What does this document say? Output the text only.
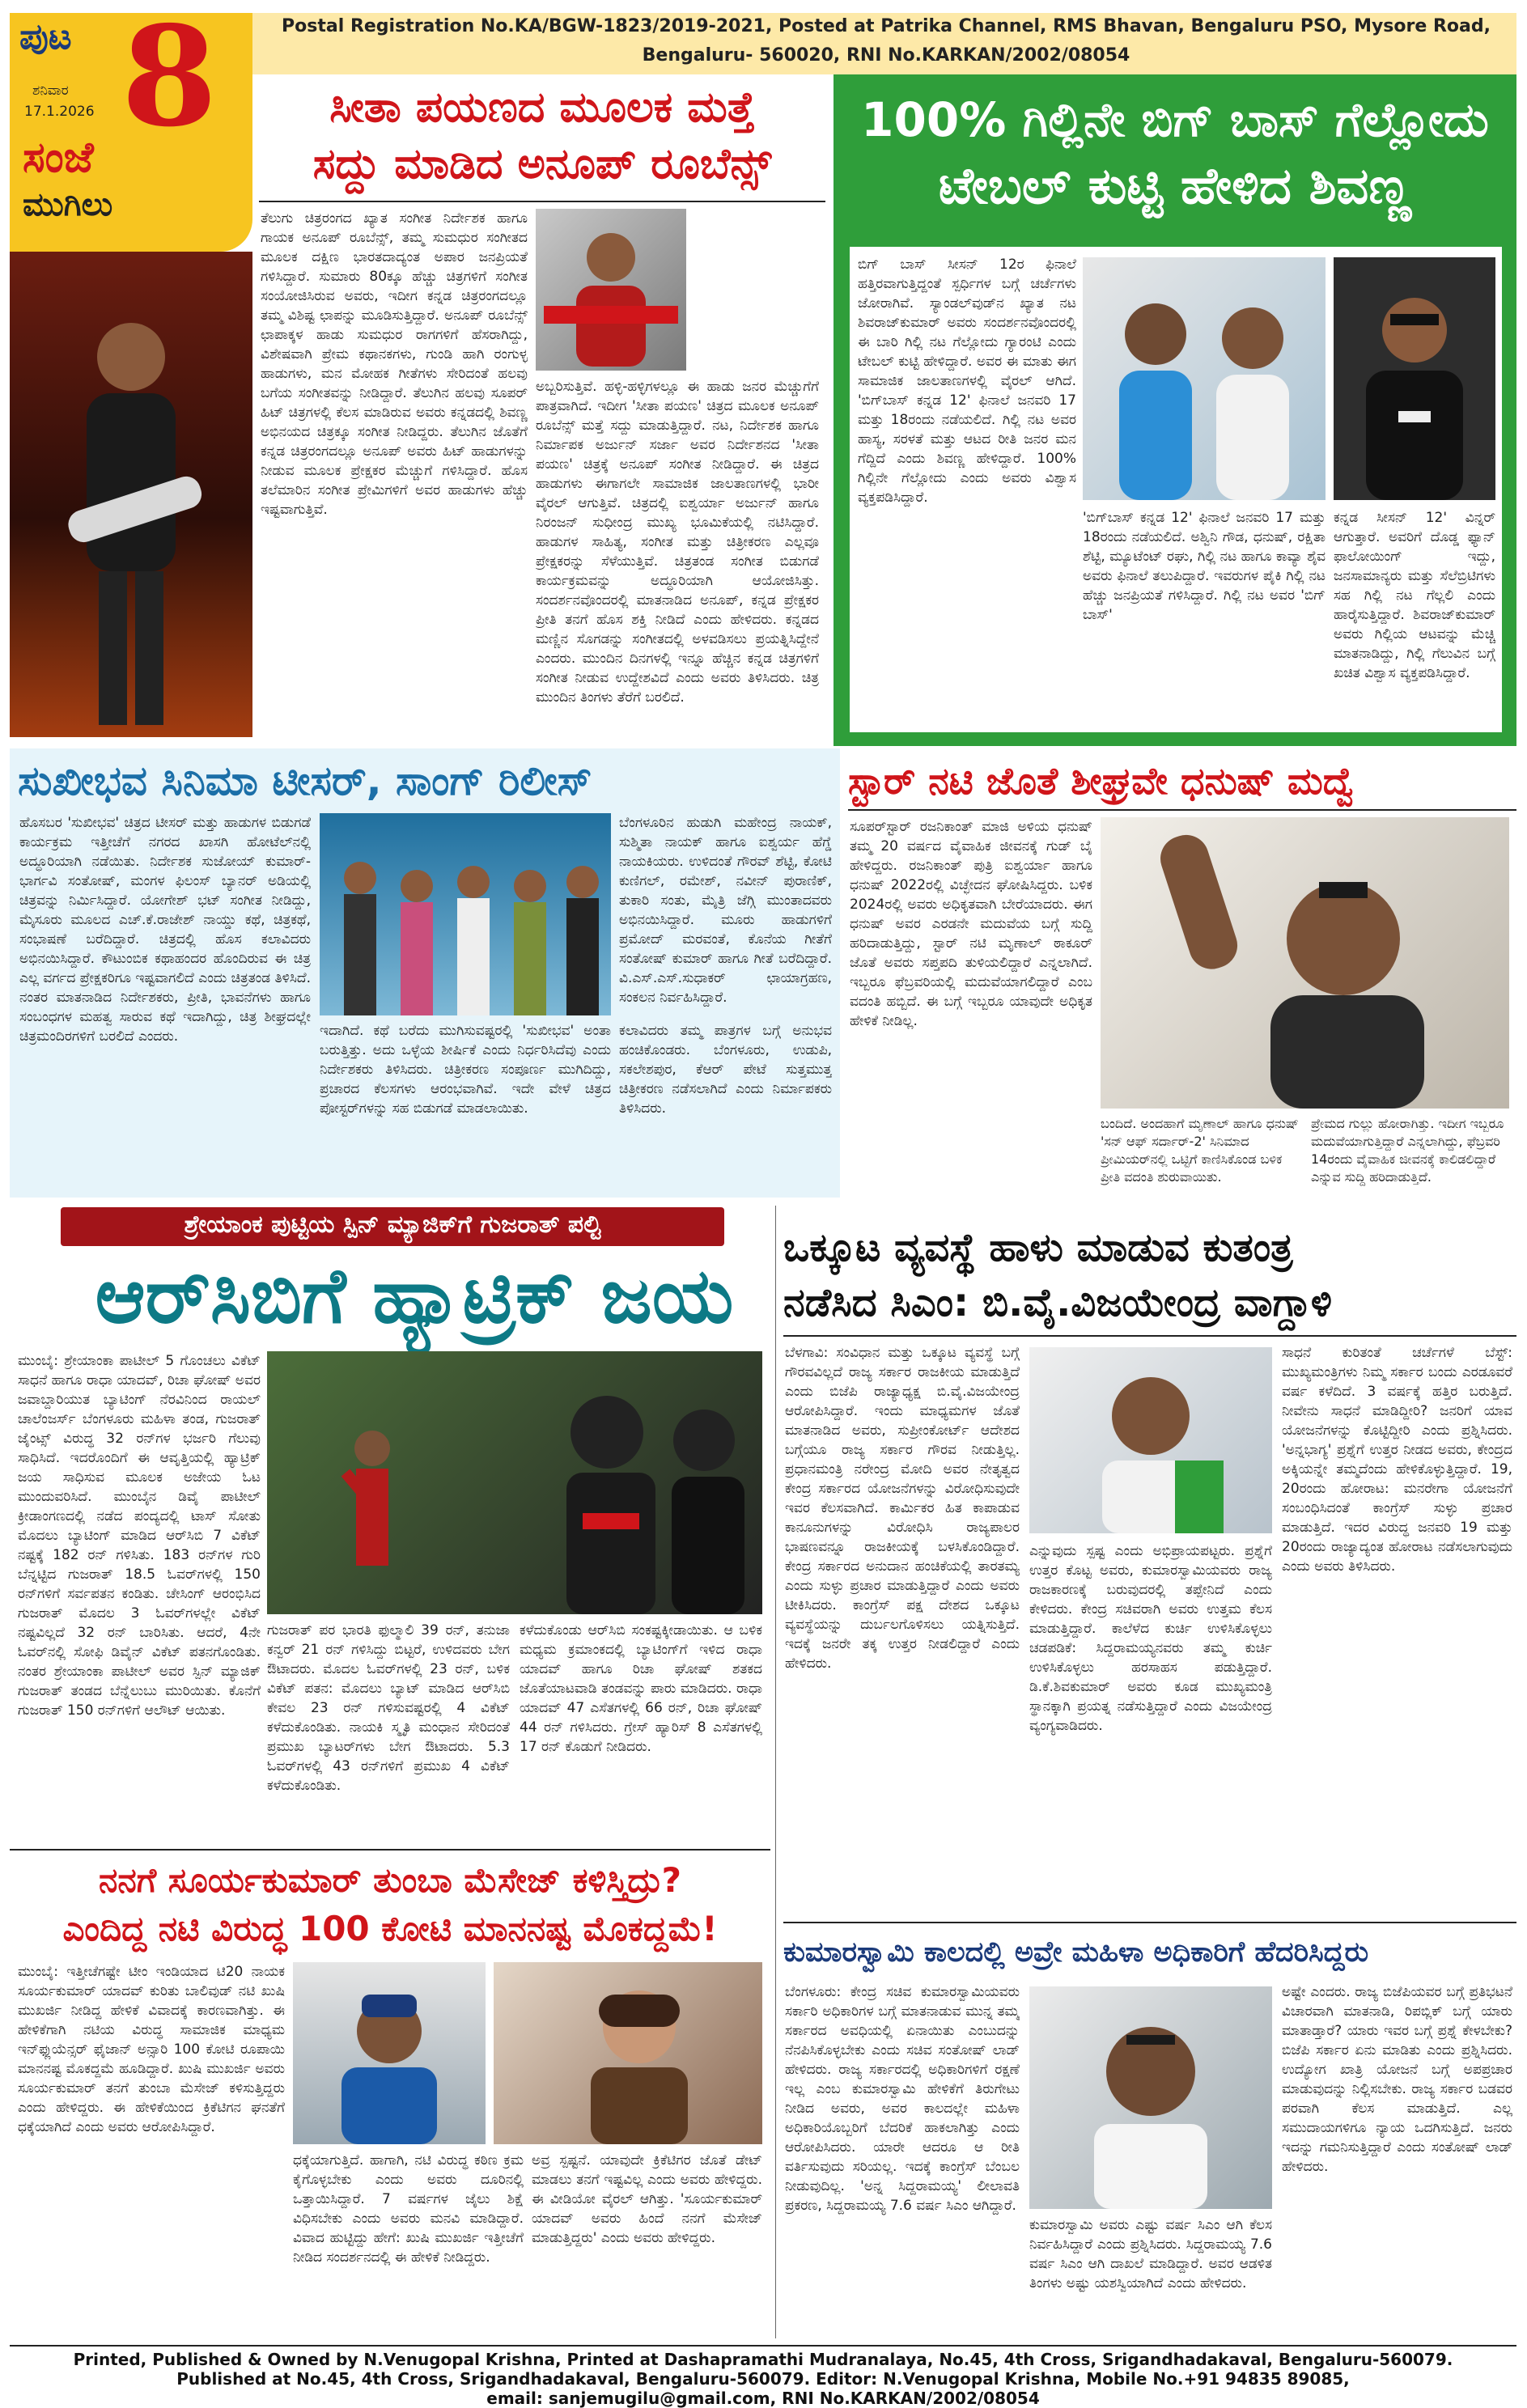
ಪುಟ 8
ಶನಿವಾರ
17.1.2026
ಸಂಜೆ
ಮುಗಿಲು
Postal Registration No.KA/BGW-1823/2019-2021, Posted at Patrika Channel, RMS Bhavan, Bengaluru PSO, Mysore Road,
Bengaluru- 560020, RNI No.KARKAN/2002/08054
ಸೀತಾ ಪಯಣದ ಮೂಲಕ ಮತ್ತೆ
ಸದ್ದು ಮಾಡಿದ ಅನೂಪ್ ರೂಬೆನ್ಸ್
ತೆಲುಗು ಚಿತ್ರರಂಗದ ಖ್ಯಾತ ಸಂಗೀತ ನಿರ್ದೇಶಕ ಹಾಗೂ ಗಾಯಕ ಅನೂಪ್ ರೂಬೆನ್ಸ್, ತಮ್ಮ ಸುಮಧುರ ಸಂಗೀತದ ಮೂಲಕ ದಕ್ಷಿಣ ಭಾರತದಾದ್ಯಂತ ಅಪಾರ ಜನಪ್ರಿಯತೆ ಗಳಿಸಿದ್ದಾರೆ. ಸುಮಾರು 80ಕ್ಕೂ ಹೆಚ್ಚು ಚಿತ್ರಗಳಿಗೆ ಸಂಗೀತ ಸಂಯೋಜಿಸಿರುವ ಅವರು, ಇದೀಗ ಕನ್ನಡ ಚಿತ್ರರಂಗದಲ್ಲೂ ತಮ್ಮ ವಿಶಿಷ್ಟ ಛಾಪನ್ನು ಮೂಡಿಸುತ್ತಿದ್ದಾರೆ. ಅನೂಪ್ ರೂಬೆನ್ಸ್ ಛಾಪಾಕ್ಕಳ ಹಾಡು ಸುಮಧುರ ರಾಗಗಳಿಗೆ ಹೆಸರಾಗಿದ್ದು, ವಿಶೇಷವಾಗಿ ಪ್ರೇಮ ಕಥಾನಕಗಳು, ಗುಂಡಿ ಹಾಗಿ ರಂಗುಳ್ಳ ಹಾಡುಗಳು, ಮನ ಮೋಹಕ ಗೀತೆಗಳು ಸೇರಿದಂತೆ ಹಲವು ಬಗೆಯ ಸಂಗೀತವನ್ನು ನೀಡಿದ್ದಾರೆ. ತೆಲುಗಿನ ಹಲವು ಸೂಪರ್ ಹಿಟ್ ಚಿತ್ರಗಳಲ್ಲಿ ಕೆಲಸ ಮಾಡಿರುವ ಅವರು ಕನ್ನಡದಲ್ಲಿ ಶಿವಣ್ಣ ಅಭಿನಯದ ಚಿತ್ರಕ್ಕೂ ಸಂಗೀತ ನೀಡಿದ್ದರು. ತೆಲುಗಿನ ಜೊತೆಗೆ ಕನ್ನಡ ಚಿತ್ರರಂಗದಲ್ಲೂ ಅನೂಪ್ ಅವರು ಹಿಟ್ ಹಾಡುಗಳನ್ನು ನೀಡುವ ಮೂಲಕ ಪ್ರೇಕ್ಷಕರ ಮೆಚ್ಚುಗೆ ಗಳಿಸಿದ್ದಾರೆ. ಹೊಸ ತಲೆಮಾರಿನ ಸಂಗೀತ ಪ್ರೇಮಿಗಳಿಗೆ ಅವರ ಹಾಡುಗಳು ಹೆಚ್ಚು ಇಷ್ಟವಾಗುತ್ತಿವೆ.
ಅಬ್ಬರಿಸುತ್ತಿವೆ. ಹಳ್ಳಿ-ಹಳ್ಳಿಗಳಲ್ಲೂ ಈ ಹಾಡು ಜನರ ಮೆಚ್ಚುಗೆಗೆ ಪಾತ್ರವಾಗಿದೆ. ಇದೀಗ 'ಸೀತಾ ಪಯಣ' ಚಿತ್ರದ ಮೂಲಕ ಅನೂಪ್ ರೂಬೆನ್ಸ್ ಮತ್ತೆ ಸದ್ದು ಮಾಡುತ್ತಿದ್ದಾರೆ. ನಟ, ನಿರ್ದೇಶಕ ಹಾಗೂ ನಿರ್ಮಾಪಕ ಅರ್ಜುನ್ ಸರ್ಜಾ ಅವರ ನಿರ್ದೇಶನದ 'ಸೀತಾ ಪಯಣ' ಚಿತ್ರಕ್ಕೆ ಅನೂಪ್ ಸಂಗೀತ ನೀಡಿದ್ದಾರೆ. ಈ ಚಿತ್ರದ ಹಾಡುಗಳು ಈಗಾಗಲೇ ಸಾಮಾಜಿಕ ಜಾಲತಾಣಗಳಲ್ಲಿ ಭಾರೀ ವೈರಲ್ ಆಗುತ್ತಿವೆ. ಚಿತ್ರದಲ್ಲಿ ಐಶ್ವರ್ಯಾ ಅರ್ಜುನ್ ಹಾಗೂ ನಿರಂಜನ್ ಸುಧೀಂದ್ರ ಮುಖ್ಯ ಭೂಮಿಕೆಯಲ್ಲಿ ನಟಿಸಿದ್ದಾರೆ. ಹಾಡುಗಳ ಸಾಹಿತ್ಯ, ಸಂಗೀತ ಮತ್ತು ಚಿತ್ರೀಕರಣ ಎಲ್ಲವೂ ಪ್ರೇಕ್ಷಕರನ್ನು ಸೆಳೆಯುತ್ತಿವೆ. ಚಿತ್ರತಂಡ ಸಂಗೀತ ಬಿಡುಗಡೆ ಕಾರ್ಯಕ್ರಮವನ್ನು ಅದ್ಧೂರಿಯಾಗಿ ಆಯೋಜಿಸಿತ್ತು. ಸಂದರ್ಶನವೊಂದರಲ್ಲಿ ಮಾತನಾಡಿದ ಅನೂಪ್, ಕನ್ನಡ ಪ್ರೇಕ್ಷಕರ ಪ್ರೀತಿ ತನಗೆ ಹೊಸ ಶಕ್ತಿ ನೀಡಿದೆ ಎಂದು ಹೇಳಿದರು. ಕನ್ನಡದ ಮಣ್ಣಿನ ಸೊಗಡನ್ನು ಸಂಗೀತದಲ್ಲಿ ಅಳವಡಿಸಲು ಪ್ರಯತ್ನಿಸಿದ್ದೇನೆ ಎಂದರು. ಮುಂದಿನ ದಿನಗಳಲ್ಲಿ ಇನ್ನೂ ಹೆಚ್ಚಿನ ಕನ್ನಡ ಚಿತ್ರಗಳಿಗೆ ಸಂಗೀತ ನೀಡುವ ಉದ್ದೇಶವಿದೆ ಎಂದು ಅವರು ತಿಳಿಸಿದರು. ಚಿತ್ರ ಮುಂದಿನ ತಿಂಗಳು ತೆರೆಗೆ ಬರಲಿದೆ.
100% ಗಿಲ್ಲಿನೇ ಬಿಗ್ ಬಾಸ್ ಗೆಲ್ಲೋದು
ಟೇಬಲ್ ಕುಟ್ಟಿ ಹೇಳಿದ ಶಿವಣ್ಣ
ಬಿಗ್ ಬಾಸ್ ಸೀಸನ್ 12ರ ಫಿನಾಲೆ ಹತ್ತಿರವಾಗುತ್ತಿದ್ದಂತೆ ಸ್ಪರ್ಧಿಗಳ ಬಗ್ಗೆ ಚರ್ಚೆಗಳು ಜೋರಾಗಿವೆ. ಸ್ಯಾಂಡಲ್‌ವುಡ್‌ನ ಖ್ಯಾತ ನಟ ಶಿವರಾಜ್‌ಕುಮಾರ್ ಅವರು ಸಂದರ್ಶನವೊಂದರಲ್ಲಿ ಈ ಬಾರಿ ಗಿಲ್ಲಿ ನಟ ಗೆಲ್ಲೋದು ಗ್ಯಾರಂಟಿ ಎಂದು ಟೇಬಲ್ ಕುಟ್ಟಿ ಹೇಳಿದ್ದಾರೆ. ಅವರ ಈ ಮಾತು ಈಗ ಸಾಮಾಜಿಕ ಜಾಲತಾಣಗಳಲ್ಲಿ ವೈರಲ್ ಆಗಿದೆ. 'ಬಿಗ್‌ಬಾಸ್ ಕನ್ನಡ 12' ಫಿನಾಲೆ ಜನವರಿ 17 ಮತ್ತು 18ರಂದು ನಡೆಯಲಿದೆ. ಗಿಲ್ಲಿ ನಟ ಅವರ ಹಾಸ್ಯ, ಸರಳತೆ ಮತ್ತು ಆಟದ ರೀತಿ ಜನರ ಮನ ಗೆದ್ದಿದೆ ಎಂದು ಶಿವಣ್ಣ ಹೇಳಿದ್ದಾರೆ. 100% ಗಿಲ್ಲಿನೇ ಗೆಲ್ಲೋದು ಎಂದು ಅವರು ವಿಶ್ವಾಸ ವ್ಯಕ್ತಪಡಿಸಿದ್ದಾರೆ.
'ಬಿಗ್‌ಬಾಸ್ ಕನ್ನಡ 12' ಫಿನಾಲೆ ಜನವರಿ 17 ಮತ್ತು 18ರಂದು ನಡೆಯಲಿದೆ. ಅಶ್ವಿನಿ ಗೌಡ, ಧನುಷ್, ರಕ್ಷಿತಾ ಶೆಟ್ಟಿ, ಮ್ಯೂಟೆಂಟ್ ರಘು, ಗಿಲ್ಲಿ ನಟ ಹಾಗೂ ಕಾವ್ಯಾ ಶೈವ ಅವರು ಫಿನಾಲೆ ತಲುಪಿದ್ದಾರೆ. ಇವರುಗಳ ಪೈಕಿ ಗಿಲ್ಲಿ ನಟ ಹೆಚ್ಚು ಜನಪ್ರಿಯತೆ ಗಳಿಸಿದ್ದಾರೆ. ಗಿಲ್ಲಿ ನಟ ಅವರ 'ಬಿಗ್ ಬಾಸ್'
ಕನ್ನಡ ಸೀಸನ್ 12' ವಿನ್ನರ್ ಆಗುತ್ತಾರೆ. ಅವರಿಗೆ ದೊಡ್ಡ ಫ್ಯಾನ್ ಫಾಲೋಯಿಂಗ್ ಇದ್ದು, ಜನಸಾಮಾನ್ಯರು ಮತ್ತು ಸೆಲೆಬ್ರಿಟಿಗಳು ಸಹ ಗಿಲ್ಲಿ ನಟ ಗೆಲ್ಲಲಿ ಎಂದು ಹಾರೈಸುತ್ತಿದ್ದಾರೆ. ಶಿವರಾಜ್‌ಕುಮಾರ್ ಅವರು ಗಿಲ್ಲಿಯ ಆಟವನ್ನು ಮೆಚ್ಚಿ ಮಾತನಾಡಿದ್ದು, ಗಿಲ್ಲಿ ಗೆಲುವಿನ ಬಗ್ಗೆ ಖಚಿತ ವಿಶ್ವಾಸ ವ್ಯಕ್ತಪಡಿಸಿದ್ದಾರೆ.
ಸುಖೀಭವ ಸಿನಿಮಾ ಟೀಸರ್, ಸಾಂಗ್ ರಿಲೀಸ್
ಹೊಸಬರ 'ಸುಖೀಭವ' ಚಿತ್ರದ ಟೀಸರ್ ಮತ್ತು ಹಾಡುಗಳ ಬಿಡುಗಡೆ ಕಾರ್ಯಕ್ರಮ ಇತ್ತೀಚೆಗೆ ನಗರದ ಖಾಸಗಿ ಹೋಟೆಲ್‌ನಲ್ಲಿ ಅದ್ಧೂರಿಯಾಗಿ ನಡೆಯಿತು. ನಿರ್ದೇಶಕ ಸುಜೋಯ್ ಕುಮಾರ್-ಭಾರ್ಗವಿ ಸಂತೋಷ್, ಮಂಗಳ ಫಿಲಂಸ್ ಬ್ಯಾನರ್ ಅಡಿಯಲ್ಲಿ ಚಿತ್ರವನ್ನು ನಿರ್ಮಿಸಿದ್ದಾರೆ. ಯೋಗೇಶ್ ಭಟ್ ಸಂಗೀತ ನೀಡಿದ್ದು, ಮೈಸೂರು ಮೂಲದ ಎಚ್.ಕೆ.ರಾಜೇಶ್ ನಾಯ್ಡು ಕಥೆ, ಚಿತ್ರಕಥೆ, ಸಂಭಾಷಣೆ ಬರೆದಿದ್ದಾರೆ. ಚಿತ್ರದಲ್ಲಿ ಹೊಸ ಕಲಾವಿದರು ಅಭಿನಯಿಸಿದ್ದಾರೆ. ಕೌಟುಂಬಿಕ ಕಥಾಹಂದರ ಹೊಂದಿರುವ ಈ ಚಿತ್ರ ಎಲ್ಲ ವರ್ಗದ ಪ್ರೇಕ್ಷಕರಿಗೂ ಇಷ್ಟವಾಗಲಿದೆ ಎಂದು ಚಿತ್ರತಂಡ ತಿಳಿಸಿದೆ. ನಂತರ ಮಾತನಾಡಿದ ನಿರ್ದೇಶಕರು, ಪ್ರೀತಿ, ಭಾವನೆಗಳು ಹಾಗೂ ಸಂಬಂಧಗಳ ಮಹತ್ವ ಸಾರುವ ಕಥೆ ಇದಾಗಿದ್ದು, ಚಿತ್ರ ಶೀಘ್ರದಲ್ಲೇ ಚಿತ್ರಮಂದಿರಗಳಿಗೆ ಬರಲಿದೆ ಎಂದರು.
ಬೆಂಗಳೂರಿನ ಹುಡುಗಿ ಮಹೇಂದ್ರ ನಾಯಕ್, ಸುಶ್ಮಿತಾ ನಾಯಕ್ ಹಾಗೂ ಐಶ್ವರ್ಯ ಹೆಗ್ಡೆ ನಾಯಕಿಯರು. ಉಳಿದಂತೆ ಗೌರವ್ ಶೆಟ್ಟಿ, ಕೋಟಿ ಕುಣಿಗಲ್, ರಮೇಶ್, ನವೀನ್ ಪುರಾಣಿಕ್, ತುಕಾರಿ ಸಂತು, ಮೈತ್ರಿ ಜೆಗ್ಗಿ ಮುಂತಾದವರು ಅಭಿನಯಿಸಿದ್ದಾರೆ. ಮೂರು ಹಾಡುಗಳಿಗೆ ಪ್ರಮೋದ್ ಮರವಂತೆ, ಕೊನೆಯ ಗೀತೆಗೆ ಸಂತೋಷ್ ಕುಮಾರ್ ಹಾಗೂ ಗೀತೆ ಬರೆದಿದ್ದಾರೆ. ವಿ.ಎಸ್.ಎಸ್.ಸುಧಾಕರ್ ಛಾಯಾಗ್ರಹಣ, ಸಂಕಲನ ನಿರ್ವಹಿಸಿದ್ದಾರೆ.
ಇದಾಗಿದೆ. ಕಥೆ ಬರೆದು ಮುಗಿಸುವಷ್ಟರಲ್ಲಿ 'ಸುಖೀಭವ' ಅಂತಾ ಬರುತ್ತಿತ್ತು. ಅದು ಒಳ್ಳೆಯ ಶೀರ್ಷಿಕೆ ಎಂದು ನಿರ್ಧರಿಸಿದೆವು ಎಂದು ನಿರ್ದೇಶಕರು ತಿಳಿಸಿದರು. ಚಿತ್ರೀಕರಣ ಸಂಪೂರ್ಣ ಮುಗಿದಿದ್ದು, ಪ್ರಚಾರದ ಕೆಲಸಗಳು ಆರಂಭವಾಗಿವೆ. ಇದೇ ವೇಳೆ ಚಿತ್ರದ ಪೋಸ್ಟರ್‌ಗಳನ್ನು ಸಹ ಬಿಡುಗಡೆ ಮಾಡಲಾಯಿತು.
ಕಲಾವಿದರು ತಮ್ಮ ಪಾತ್ರಗಳ ಬಗ್ಗೆ ಅನುಭವ ಹಂಚಿಕೊಂಡರು. ಬೆಂಗಳೂರು, ಉಡುಪಿ, ಸಕಲೇಶಪುರ, ಕೆಆರ್ ಪೇಟೆ ಸುತ್ತಮುತ್ತ ಚಿತ್ರೀಕರಣ ನಡೆಸಲಾಗಿದೆ ಎಂದು ನಿರ್ಮಾಪಕರು ತಿಳಿಸಿದರು.
ಸ್ಟಾರ್ ನಟಿ ಜೊತೆ ಶೀಘ್ರವೇ ಧನುಷ್ ಮದ್ವೆ
ಸೂಪರ್‌ಸ್ಟಾರ್ ರಜನಿಕಾಂತ್ ಮಾಜಿ ಅಳಿಯ ಧನುಷ್ ತಮ್ಮ 20 ವರ್ಷದ ವೈವಾಹಿಕ ಜೀವನಕ್ಕೆ ಗುಡ್ ಬೈ ಹೇಳಿದ್ದರು. ರಜನಿಕಾಂತ್ ಪುತ್ರಿ ಐಶ್ವರ್ಯಾ ಹಾಗೂ ಧನುಷ್ 2022ರಲ್ಲಿ ವಿಚ್ಛೇದನ ಘೋಷಿಸಿದ್ದರು. ಬಳಿಕ 2024ರಲ್ಲಿ ಅವರು ಅಧಿಕೃತವಾಗಿ ಬೇರೆಯಾದರು. ಈಗ ಧನುಷ್ ಅವರ ಎರಡನೇ ಮದುವೆಯ ಬಗ್ಗೆ ಸುದ್ದಿ ಹರಿದಾಡುತ್ತಿದ್ದು, ಸ್ಟಾರ್ ನಟಿ ಮೃಣಾಲ್ ಠಾಕೂರ್ ಜೊತೆ ಅವರು ಸಪ್ತಪದಿ ತುಳಿಯಲಿದ್ದಾರೆ ಎನ್ನಲಾಗಿದೆ. ಇಬ್ಬರೂ ಫೆಬ್ರವರಿಯಲ್ಲಿ ಮದುವೆಯಾಗಲಿದ್ದಾರೆ ಎಂಬ ವದಂತಿ ಹಬ್ಬಿದೆ. ಈ ಬಗ್ಗೆ ಇಬ್ಬರೂ ಯಾವುದೇ ಅಧಿಕೃತ ಹೇಳಿಕೆ ನೀಡಿಲ್ಲ.
ಬಂದಿದೆ. ಅಂದಹಾಗೆ ಮೃಣಾಲ್ ಹಾಗೂ ಧನುಷ್ 'ಸನ್ ಆಫ್ ಸರ್ದಾರ್-2' ಸಿನಿಮಾದ ಪ್ರೀಮಿಯರ್‌ನಲ್ಲಿ ಒಟ್ಟಿಗೆ ಕಾಣಿಸಿಕೊಂಡ ಬಳಿಕ ಪ್ರೀತಿ ವದಂತಿ ಶುರುವಾಯಿತು.
ಪ್ರೇಮದ ಗುಲ್ಲು ಹೋರಾಗಿತ್ತು. ಇದೀಗ ಇಬ್ಬರೂ ಮದುವೆಯಾಗುತ್ತಿದ್ದಾರೆ ಎನ್ನಲಾಗಿದ್ದು, ಫೆಬ್ರವರಿ 14ರಂದು ವೈವಾಹಿಕ ಜೀವನಕ್ಕೆ ಕಾಲಿಡಲಿದ್ದಾರೆ ಎನ್ನುವ ಸುದ್ದಿ ಹರಿದಾಡುತ್ತಿದೆ.
ಶ್ರೇಯಾಂಕ ಪುಟ್ಟಿಯ ಸ್ಪಿನ್ ಮ್ಯಾಜಿಕ್‌ಗೆ ಗುಜರಾತ್ ಪಲ್ಟಿ
ಆರ್‌ಸಿಬಿಗೆ ಹ್ಯಾಟ್ರಿಕ್ ಜಯ
ಮುಂಬೈ: ಶ್ರೇಯಾಂಕಾ ಪಾಟೀಲ್ 5 ಗೊಂಚಲು ವಿಕೆಟ್ ಸಾಧನೆ ಹಾಗೂ ರಾಧಾ ಯಾದವ್, ರಿಚಾ ಘೋಷ್ ಅವರ ಜವಾಬ್ದಾರಿಯುತ ಬ್ಯಾಟಿಂಗ್ ನೆರವಿನಿಂದ ರಾಯಲ್ ಚಾಲೆಂಜರ್ಸ್ ಬೆಂಗಳೂರು ಮಹಿಳಾ ತಂಡ, ಗುಜರಾತ್ ಜೈಂಟ್ಸ್ ವಿರುದ್ಧ 32 ರನ್‌ಗಳ ಭರ್ಜರಿ ಗೆಲುವು ಸಾಧಿಸಿದೆ. ಇದರೊಂದಿಗೆ ಈ ಆವೃತ್ತಿಯಲ್ಲಿ ಹ್ಯಾಟ್ರಿಕ್ ಜಯ ಸಾಧಿಸುವ ಮೂಲಕ ಅಜೇಯ ಓಟ ಮುಂದುವರಿಸಿದೆ. ಮುಂಬೈನ ಡಿವೈ ಪಾಟೀಲ್ ಕ್ರೀಡಾಂಗಣದಲ್ಲಿ ನಡೆದ ಪಂದ್ಯದಲ್ಲಿ ಟಾಸ್ ಸೋತು ಮೊದಲು ಬ್ಯಾಟಿಂಗ್ ಮಾಡಿದ ಆರ್‌ಸಿಬಿ 7 ವಿಕೆಟ್ ನಷ್ಟಕ್ಕೆ 182 ರನ್ ಗಳಿಸಿತು. 183 ರನ್‌ಗಳ ಗುರಿ ಬೆನ್ನಟ್ಟಿದ ಗುಜರಾತ್ 18.5 ಓವರ್‌ಗಳಲ್ಲಿ 150 ರನ್‌ಗಳಿಗೆ ಸರ್ವಪತನ ಕಂಡಿತು. ಚೇಸಿಂಗ್ ಆರಂಭಿಸಿದ ಗುಜರಾತ್ ಮೊದಲ 3 ಓವರ್‌ಗಳಲ್ಲೇ ವಿಕೆಟ್ ನಷ್ಟವಿಲ್ಲದೆ 32 ರನ್ ಬಾರಿಸಿತು. ಆದರೆ, 4ನೇ ಓವರ್‌ನಲ್ಲಿ ಸೋಫಿ ಡಿವೈನ್ ವಿಕೆಟ್ ಪತನಗೊಂಡಿತು. ನಂತರ ಶ್ರೇಯಾಂಕಾ ಪಾಟೀಲ್ ಅವರ ಸ್ಪಿನ್ ಮ್ಯಾಜಿಕ್ ಗುಜರಾತ್ ತಂಡದ ಬೆನ್ನೆಲುಬು ಮುರಿಯಿತು. ಕೊನೆಗೆ ಗುಜರಾತ್ 150 ರನ್‌ಗಳಿಗೆ ಆಲೌಟ್ ಆಯಿತು.
ಗುಜರಾತ್ ಪರ ಭಾರತಿ ಫುಲ್ಮಾಲಿ 39 ರನ್, ತನುಜಾ ಕನ್ವರ್ 21 ರನ್ ಗಳಿಸಿದ್ದು ಬಿಟ್ಟರೆ, ಉಳಿದವರು ಬೇಗ ಔಟಾದರು. ಮೊದಲ ಓವರ್‌ಗಳಲ್ಲಿ 23 ರನ್, ಬಳಿಕ ವಿಕೆಟ್ ಪತನ: ಮೊದಲು ಬ್ಯಾಟ್ ಮಾಡಿದ ಆರ್‌ಸಿಬಿ ಕೇವಲ 23 ರನ್ ಗಳಿಸುವಷ್ಟರಲ್ಲಿ 4 ವಿಕೆಟ್ ಕಳೆದುಕೊಂಡಿತು. ನಾಯಕಿ ಸ್ಮೃತಿ ಮಂಧಾನ ಸೇರಿದಂತೆ ಪ್ರಮುಖ ಬ್ಯಾಟರ್‌ಗಳು ಬೇಗ ಔಟಾದರು. 5.3 ಓವರ್‌ಗಳಲ್ಲಿ 43 ರನ್‌ಗಳಿಗೆ ಪ್ರಮುಖ 4 ವಿಕೆಟ್ ಕಳೆದುಕೊಂಡಿತು.
ಕಳೆದುಕೊಂಡು ಆರ್‌ಸಿಬಿ ಸಂಕಷ್ಟಕ್ಕೀಡಾಯಿತು. ಆ ಬಳಿಕ ಮಧ್ಯಮ ಕ್ರಮಾಂಕದಲ್ಲಿ ಬ್ಯಾಟಿಂಗ್‌ಗೆ ಇಳಿದ ರಾಧಾ ಯಾದವ್ ಹಾಗೂ ರಿಚಾ ಘೋಷ್ ಶತಕದ ಜೊತೆಯಾಟವಾಡಿ ತಂಡವನ್ನು ಪಾರು ಮಾಡಿದರು. ರಾಧಾ ಯಾದವ್ 47 ಎಸೆತಗಳಲ್ಲಿ 66 ರನ್, ರಿಚಾ ಘೋಷ್ 44 ರನ್ ಗಳಿಸಿದರು. ಗ್ರೇಸ್ ಹ್ಯಾರಿಸ್ 8 ಎಸೆತಗಳಲ್ಲಿ 17 ರನ್ ಕೊಡುಗೆ ನೀಡಿದರು.
ನನಗೆ ಸೂರ್ಯಕುಮಾರ್ ತುಂಬಾ ಮೆಸೇಜ್ ಕಳಿಸ್ತಿದ್ರು?
ಎಂದಿದ್ದ ನಟಿ ವಿರುದ್ಧ 100 ಕೋಟಿ ಮಾನನಷ್ಟ ಮೊಕದ್ದಮೆ!
ಮುಂಬೈ: ಇತ್ತೀಚೆಗಷ್ಟೇ ಟೀಂ ಇಂಡಿಯಾದ ಟಿ20 ನಾಯಕ ಸೂರ್ಯಕುಮಾರ್ ಯಾದವ್ ಕುರಿತು ಬಾಲಿವುಡ್ ನಟಿ ಖುಷಿ ಮುಖರ್ಜಿ ನೀಡಿದ್ದ ಹೇಳಿಕೆ ವಿವಾದಕ್ಕೆ ಕಾರಣವಾಗಿತ್ತು. ಈ ಹೇಳಿಕೆಗಾಗಿ ನಟಿಯ ವಿರುದ್ಧ ಸಾಮಾಜಿಕ ಮಾಧ್ಯಮ ಇನ್‌ಫ್ಲುಯೆನ್ಸರ್ ಫೈಜಾನ್ ಅನ್ಸಾರಿ 100 ಕೋಟಿ ರೂಪಾಯಿ ಮಾನನಷ್ಟ ಮೊಕದ್ದಮೆ ಹೂಡಿದ್ದಾರೆ. ಖುಷಿ ಮುಖರ್ಜಿ ಅವರು ಸೂರ್ಯಕುಮಾರ್ ತನಗೆ ತುಂಬಾ ಮೆಸೇಜ್ ಕಳಿಸುತ್ತಿದ್ದರು ಎಂದು ಹೇಳಿದ್ದರು. ಈ ಹೇಳಿಕೆಯಿಂದ ಕ್ರಿಕೆಟಿಗನ ಘನತೆಗೆ ಧಕ್ಕೆಯಾಗಿದೆ ಎಂದು ಅವರು ಆರೋಪಿಸಿದ್ದಾರೆ.
ಧಕ್ಕೆಯಾಗುತ್ತಿದೆ. ಹಾಗಾಗಿ, ನಟಿ ವಿರುದ್ಧ ಕಠಿಣ ಕ್ರಮ ಕೈಗೊಳ್ಳಬೇಕು ಎಂದು ಅವರು ದೂರಿನಲ್ಲಿ ಒತ್ತಾಯಿಸಿದ್ದಾರೆ. 7 ವರ್ಷಗಳ ಜೈಲು ಶಿಕ್ಷೆ ವಿಧಿಸಬೇಕು ಎಂದು ಅವರು ಮನವಿ ಮಾಡಿದ್ದಾರೆ. ವಿವಾದ ಹುಟ್ಟಿದ್ದು ಹೇಗೆ: ಖುಷಿ ಮುಖರ್ಜಿ ಇತ್ತೀಚೆಗೆ ನೀಡಿದ ಸಂದರ್ಶನದಲ್ಲಿ ಈ ಹೇಳಿಕೆ ನೀಡಿದ್ದರು.
ಅವ್ರ ಸ್ಪಷ್ಟನೆ. ಯಾವುದೇ ಕ್ರಿಕೆಟಿಗರ ಜೊತೆ ಡೇಟ್ ಮಾಡಲು ತನಗೆ ಇಷ್ಟವಿಲ್ಲ ಎಂದು ಅವರು ಹೇಳಿದ್ದರು. ಈ ವೀಡಿಯೋ ವೈರಲ್ ಆಗಿತ್ತು. 'ಸೂರ್ಯಕುಮಾರ್ ಯಾದವ್ ಅವರು ಹಿಂದೆ ನನಗೆ ಮೆಸೇಜ್ ಮಾಡುತ್ತಿದ್ದರು' ಎಂದು ಅವರು ಹೇಳಿದ್ದರು.
ಒಕ್ಕೂಟ ವ್ಯವಸ್ಥೆ ಹಾಳು ಮಾಡುವ ಕುತಂತ್ರ
ನಡೆಸಿದ ಸಿಎಂ: ಬಿ.ವೈ.ವಿಜಯೇಂದ್ರ ವಾಗ್ದಾಳಿ
ಬೆಳಗಾವಿ: ಸಂವಿಧಾನ ಮತ್ತು ಒಕ್ಕೂಟ ವ್ಯವಸ್ಥೆ ಬಗ್ಗೆ ಗೌರವವಿಲ್ಲದೆ ರಾಜ್ಯ ಸರ್ಕಾರ ರಾಜಕೀಯ ಮಾಡುತ್ತಿದೆ ಎಂದು ಬಿಜೆಪಿ ರಾಜ್ಯಾಧ್ಯಕ್ಷ ಬಿ.ವೈ.ವಿಜಯೇಂದ್ರ ಆರೋಪಿಸಿದ್ದಾರೆ. ಇಂದು ಮಾಧ್ಯಮಗಳ ಜೊತೆ ಮಾತನಾಡಿದ ಅವರು, ಸುಪ್ರೀಂಕೋರ್ಟ್ ಆದೇಶದ ಬಗ್ಗೆಯೂ ರಾಜ್ಯ ಸರ್ಕಾರ ಗೌರವ ನೀಡುತ್ತಿಲ್ಲ. ಪ್ರಧಾನಮಂತ್ರಿ ನರೇಂದ್ರ ಮೋದಿ ಅವರ ನೇತೃತ್ವದ ಕೇಂದ್ರ ಸರ್ಕಾರದ ಯೋಜನೆಗಳನ್ನು ವಿರೋಧಿಸುವುದೇ ಇವರ ಕೆಲಸವಾಗಿದೆ. ಕಾರ್ಮಿಕರ ಹಿತ ಕಾಪಾಡುವ ಕಾನೂನುಗಳನ್ನು ವಿರೋಧಿಸಿ ರಾಜ್ಯಪಾಲರ ಭಾಷಣವನ್ನೂ ರಾಜಕೀಯಕ್ಕೆ ಬಳಸಿಕೊಂಡಿದ್ದಾರೆ. ಕೇಂದ್ರ ಸರ್ಕಾರದ ಅನುದಾನ ಹಂಚಿಕೆಯಲ್ಲಿ ತಾರತಮ್ಯ ಎಂದು ಸುಳ್ಳು ಪ್ರಚಾರ ಮಾಡುತ್ತಿದ್ದಾರೆ ಎಂದು ಅವರು ಟೀಕಿಸಿದರು. ಕಾಂಗ್ರೆಸ್ ಪಕ್ಷ ದೇಶದ ಒಕ್ಕೂಟ ವ್ಯವಸ್ಥೆಯನ್ನು ದುರ್ಬಲಗೊಳಿಸಲು ಯತ್ನಿಸುತ್ತಿದೆ. ಇದಕ್ಕೆ ಜನರೇ ತಕ್ಕ ಉತ್ತರ ನೀಡಲಿದ್ದಾರೆ ಎಂದು ಹೇಳಿದರು.
ಎನ್ನುವುದು ಸ್ಪಷ್ಟ ಎಂದು ಅಭಿಪ್ರಾಯಪಟ್ಟರು. ಪ್ರಶ್ನೆಗೆ ಉತ್ತರ ಕೊಟ್ಟ ಅವರು, ಕುಮಾರಸ್ವಾಮಿಯವರು ರಾಜ್ಯ ರಾಜಕಾರಣಕ್ಕೆ ಬರುವುದರಲ್ಲಿ ತಪ್ಪೇನಿದೆ ಎಂದು ಕೇಳಿದರು. ಕೇಂದ್ರ ಸಚಿವರಾಗಿ ಅವರು ಉತ್ತಮ ಕೆಲಸ ಮಾಡುತ್ತಿದ್ದಾರೆ. ಕಾಲೆಳೆದ ಕುರ್ಚಿ ಉಳಿಸಿಕೊಳ್ಳಲು ಚಡಪಡಿಕೆ: ಸಿದ್ದರಾಮಯ್ಯನವರು ತಮ್ಮ ಕುರ್ಚಿ ಉಳಿಸಿಕೊಳ್ಳಲು ಹರಸಾಹಸ ಪಡುತ್ತಿದ್ದಾರೆ. ಡಿ.ಕೆ.ಶಿವಕುಮಾರ್ ಅವರು ಕೂಡ ಮುಖ್ಯಮಂತ್ರಿ ಸ್ಥಾನಕ್ಕಾಗಿ ಪ್ರಯತ್ನ ನಡೆಸುತ್ತಿದ್ದಾರೆ ಎಂದು ವಿಜಯೇಂದ್ರ ವ್ಯಂಗ್ಯವಾಡಿದರು.
ಸಾಧನೆ ಕುರಿತಂತೆ ಚರ್ಚೆಗಳೆ ಬೆಸ್ಟ್: ಮುಖ್ಯಮಂತ್ರಿಗಳು ನಿಮ್ಮ ಸರ್ಕಾರ ಬಂದು ಎರಡೂವರೆ ವರ್ಷ ಕಳೆದಿದೆ. 3 ವರ್ಷಕ್ಕೆ ಹತ್ತಿರ ಬರುತ್ತಿದೆ. ನೀವೇನು ಸಾಧನೆ ಮಾಡಿದ್ದೀರಿ? ಜನರಿಗೆ ಯಾವ ಯೋಜನೆಗಳನ್ನು ಕೊಟ್ಟಿದ್ದೀರಿ ಎಂದು ಪ್ರಶ್ನಿಸಿದರು. 'ಅನ್ನಭಾಗ್ಯ' ಪ್ರಶ್ನೆಗೆ ಉತ್ತರ ನೀಡದ ಅವರು, ಕೇಂದ್ರದ ಅಕ್ಕಿಯನ್ನೇ ತಮ್ಮದೆಂದು ಹೇಳಿಕೊಳ್ಳುತ್ತಿದ್ದಾರೆ. 19, 20ರಂದು ಹೋರಾಟ: ಮನರೇಗಾ ಯೋಜನೆಗೆ ಸಂಬಂಧಿಸಿದಂತೆ ಕಾಂಗ್ರೆಸ್ ಸುಳ್ಳು ಪ್ರಚಾರ ಮಾಡುತ್ತಿದೆ. ಇದರ ವಿರುದ್ಧ ಜನವರಿ 19 ಮತ್ತು 20ರಂದು ರಾಜ್ಯಾದ್ಯಂತ ಹೋರಾಟ ನಡೆಸಲಾಗುವುದು ಎಂದು ಅವರು ತಿಳಿಸಿದರು.
ಕುಮಾರಸ್ವಾಮಿ ಕಾಲದಲ್ಲಿ ಅವ್ರೇ ಮಹಿಳಾ ಅಧಿಕಾರಿಗೆ ಹೆದರಿಸಿದ್ದರು
ಬೆಂಗಳೂರು: ಕೇಂದ್ರ ಸಚಿವ ಕುಮಾರಸ್ವಾಮಿಯವರು ಸರ್ಕಾರಿ ಅಧಿಕಾರಿಗಳ ಬಗ್ಗೆ ಮಾತನಾಡುವ ಮುನ್ನ ತಮ್ಮ ಸರ್ಕಾರದ ಅವಧಿಯಲ್ಲಿ ಏನಾಯಿತು ಎಂಬುದನ್ನು ನೆನಪಿಸಿಕೊಳ್ಳಬೇಕು ಎಂದು ಸಚಿವ ಸಂತೋಷ್ ಲಾಡ್ ಹೇಳಿದರು. ರಾಜ್ಯ ಸರ್ಕಾರದಲ್ಲಿ ಅಧಿಕಾರಿಗಳಿಗೆ ರಕ್ಷಣೆ ಇಲ್ಲ ಎಂಬ ಕುಮಾರಸ್ವಾಮಿ ಹೇಳಿಕೆಗೆ ತಿರುಗೇಟು ನೀಡಿದ ಅವರು, ಅವರ ಕಾಲದಲ್ಲೇ ಮಹಿಳಾ ಅಧಿಕಾರಿಯೊಬ್ಬರಿಗೆ ಬೆದರಿಕೆ ಹಾಕಲಾಗಿತ್ತು ಎಂದು ಆರೋಪಿಸಿದರು. ಯಾರೇ ಆದರೂ ಆ ರೀತಿ ವರ್ತಿಸುವುದು ಸರಿಯಲ್ಲ. ಇದಕ್ಕೆ ಕಾಂಗ್ರೆಸ್ ಬೆಂಬಲ ನೀಡುವುದಿಲ್ಲ. 'ಅನ್ನ ಸಿದ್ದರಾಮಯ್ಯ' ಲೀಲಾವತಿ ಪ್ರಕರಣ, ಸಿದ್ದರಾಮಯ್ಯ 7.6 ವರ್ಷ ಸಿಎಂ ಆಗಿದ್ದಾರೆ.
ಕುಮಾರಸ್ವಾಮಿ ಅವರು ಎಷ್ಟು ವರ್ಷ ಸಿಎಂ ಆಗಿ ಕೆಲಸ ನಿರ್ವಹಿಸಿದ್ದಾರೆ ಎಂದು ಪ್ರಶ್ನಿಸಿದರು. ಸಿದ್ದರಾಮಯ್ಯ 7.6 ವರ್ಷ ಸಿಎಂ ಆಗಿ ದಾಖಲೆ ಮಾಡಿದ್ದಾರೆ. ಅವರ ಆಡಳಿತ ತಿಂಗಳು ಅಷ್ಟು ಯಶಸ್ವಿಯಾಗಿದೆ ಎಂದು ಹೇಳಿದರು.
ಅಷ್ಟೇ ಎಂದರು. ರಾಜ್ಯ ಬಿಜೆಪಿಯವರ ಬಗ್ಗೆ ಪ್ರತಿಭಟನೆ ವಿಚಾರವಾಗಿ ಮಾತನಾಡಿ, ರಿಪಬ್ಲಿಕ್ ಬಗ್ಗೆ ಯಾರು ಮಾತಾಡ್ತಾರೆ? ಯಾರು ಇವರ ಬಗ್ಗೆ ಪ್ರಶ್ನೆ ಕೇಳಬೇಕು? ಬಿಜೆಪಿ ಸರ್ಕಾರ ಏನು ಮಾಡಿತು ಎಂದು ಪ್ರಶ್ನಿಸಿದರು. ಉದ್ಯೋಗ ಖಾತ್ರಿ ಯೋಜನೆ ಬಗ್ಗೆ ಅಪಪ್ರಚಾರ ಮಾಡುವುದನ್ನು ನಿಲ್ಲಿಸಬೇಕು. ರಾಜ್ಯ ಸರ್ಕಾರ ಬಡವರ ಪರವಾಗಿ ಕೆಲಸ ಮಾಡುತ್ತಿದೆ. ಎಲ್ಲ ಸಮುದಾಯಗಳಿಗೂ ನ್ಯಾಯ ಒದಗಿಸುತ್ತಿದೆ. ಜನರು ಇದನ್ನು ಗಮನಿಸುತ್ತಿದ್ದಾರೆ ಎಂದು ಸಂತೋಷ್ ಲಾಡ್ ಹೇಳಿದರು.
Printed, Published & Owned by N.Venugopal Krishna, Printed at Dashapramathi Mudranalaya, No.45, 4th Cross, Srigandhadakaval, Bengaluru-560079.
Published at No.45, 4th Cross, Srigandhadakaval, Bengaluru-560079. Editor: N.Venugopal Krishna, Mobile No.+91 94835 89085,
email: sanjemugilu@gmail.com, RNI No.KARKAN/2002/08054
